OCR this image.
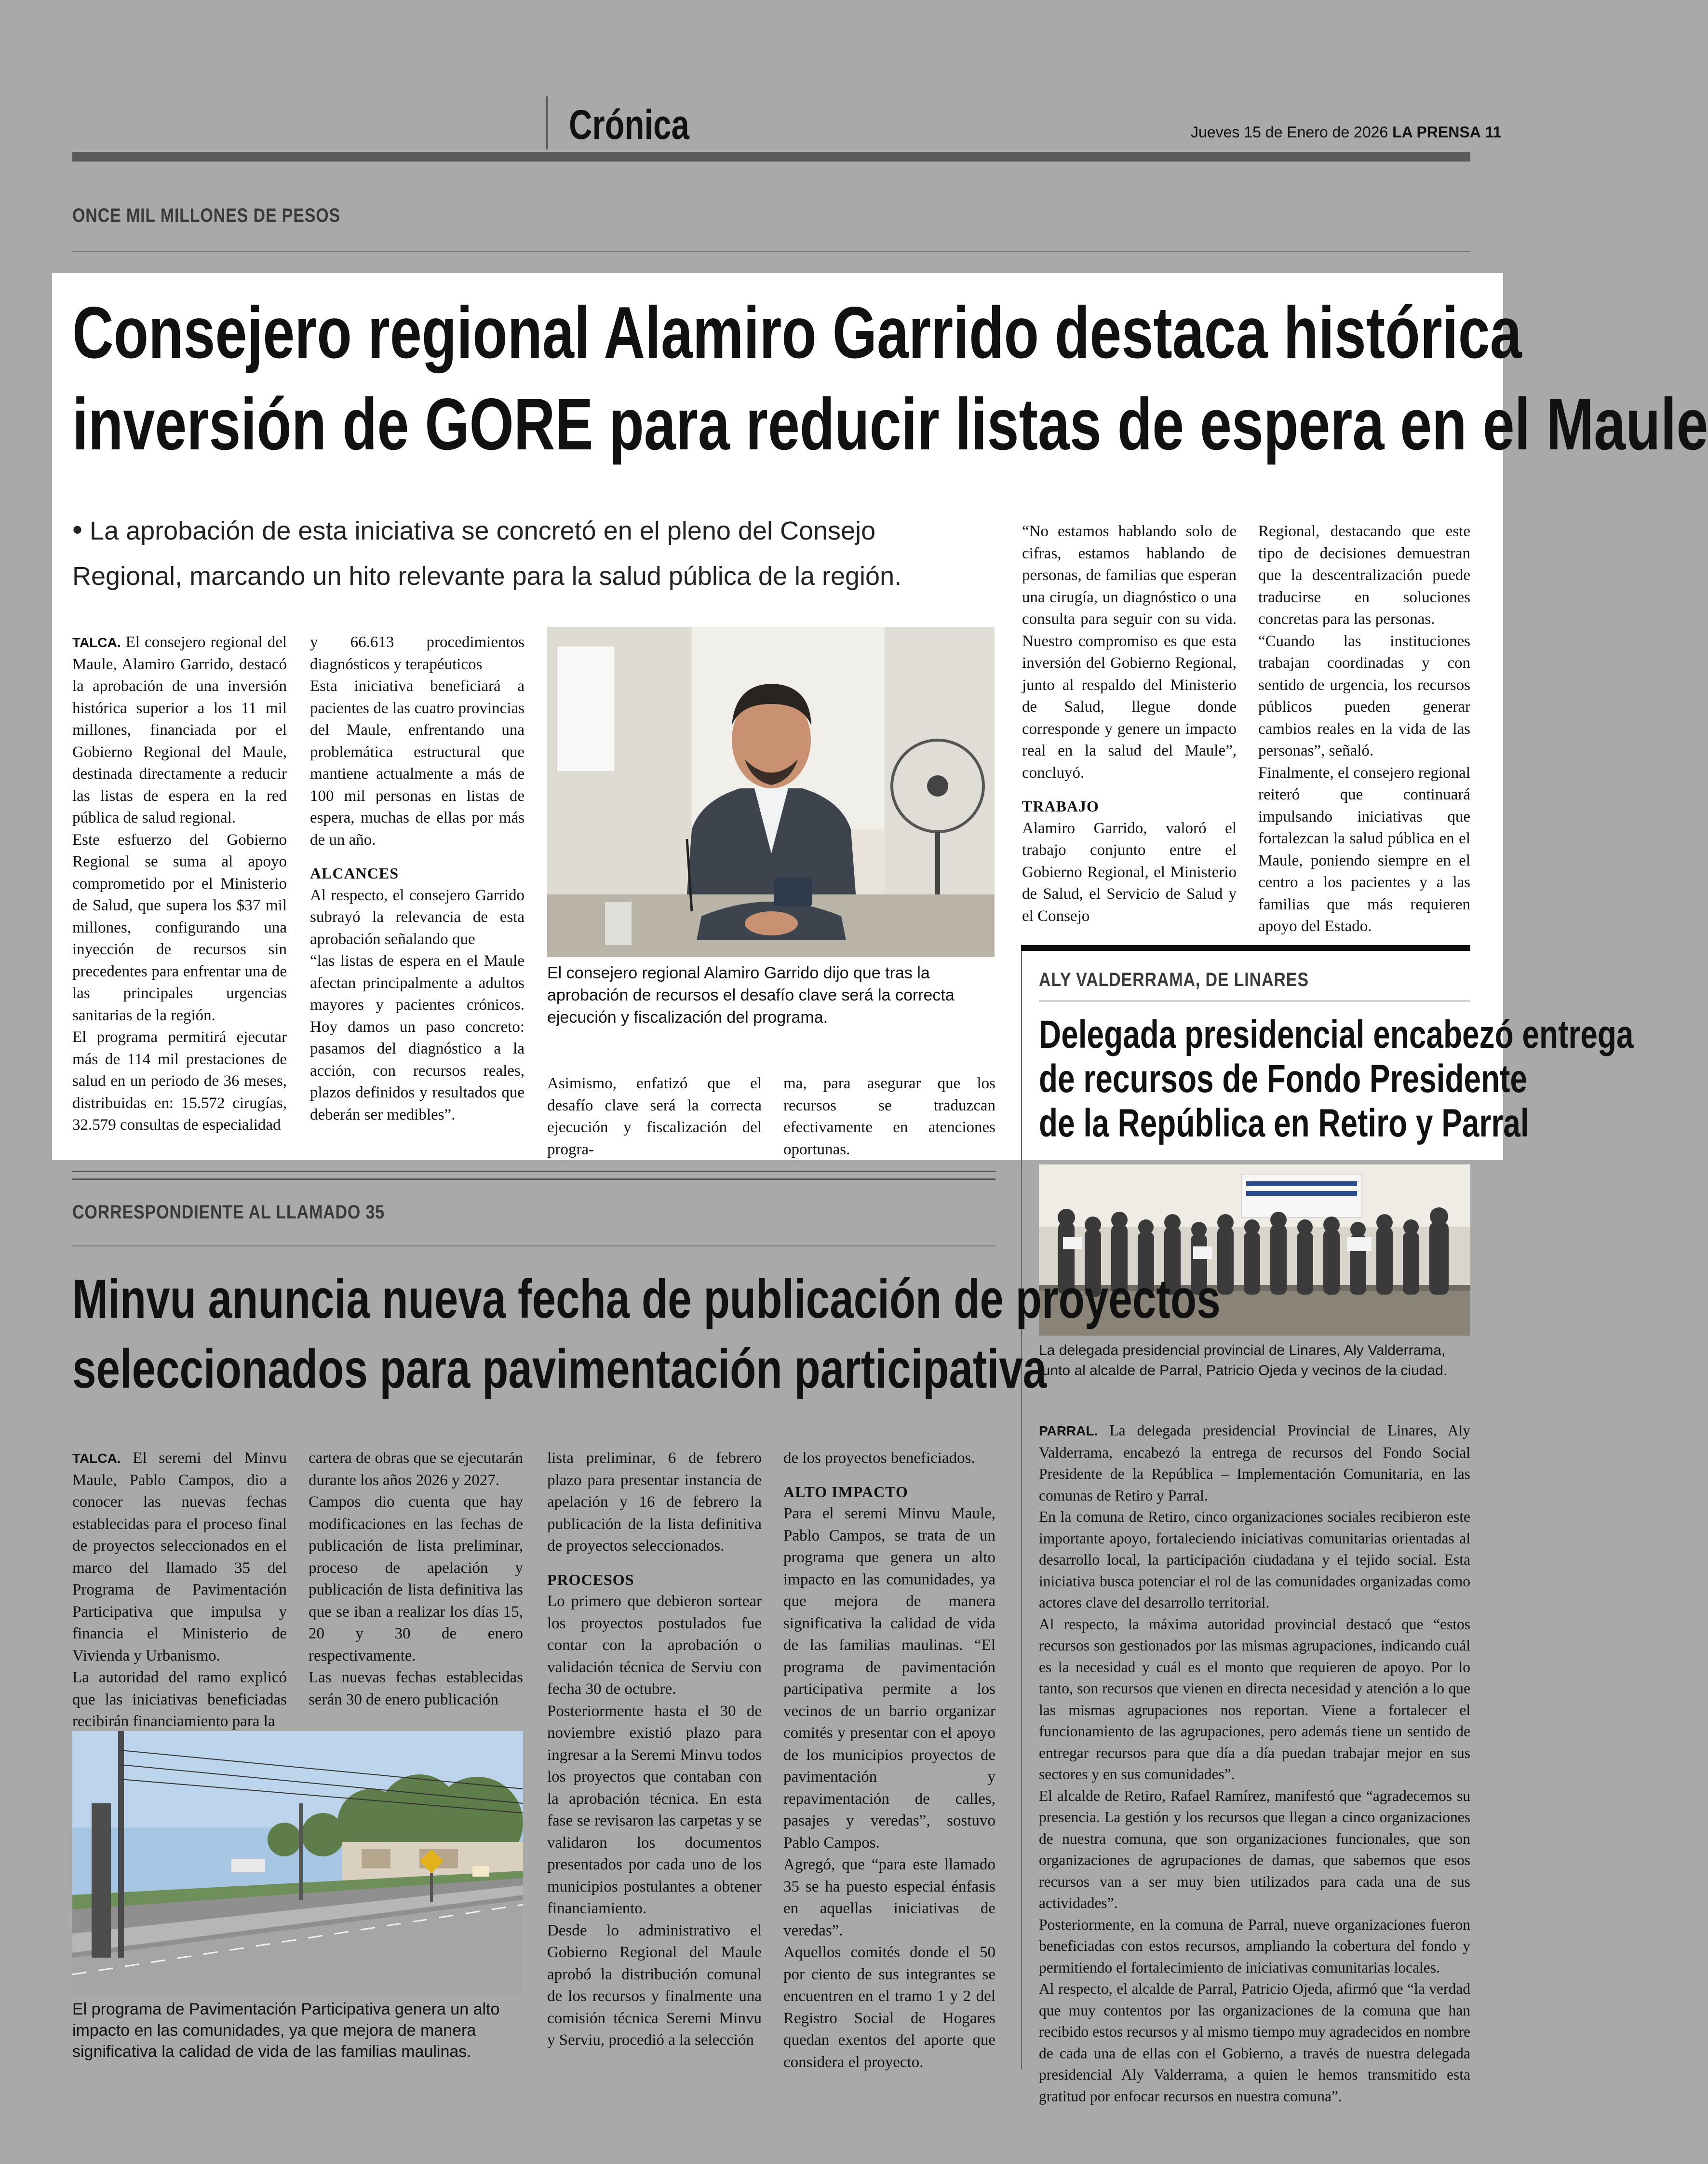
Crónica	Jueves 15 de Enero de 2026 LA PRENSA 11
ONCE MIL MILLONES DE PESOS
Consejero regional Alamiro Garrido destaca histórica
inversión de GORE para reducir listas de espera en el Maule
• La aprobación de esta iniciativa se concretó en el pleno del Consejo
Regional, marcando un hito relevante para la salud pública de la región.

TALCA. El consejero regional del Maule, Alamiro Garrido, destacó la aprobación de una inversión histórica superior a los 11 mil millones, financiada por el Gobierno Regional del Maule, destinada directamente a reducir las listas de espera en la red pública de salud regional.

Este esfuerzo del Gobierno Regional se suma al apoyo comprometido por el Ministerio de Salud, que supera los $37 mil millones, configurando una inyección de recursos sin precedentes para enfrentar una de las principales urgencias sanitarias de la región.

El programa permitirá ejecutar más de 114 mil prestaciones de salud en un periodo de 36 meses, distribuidas en: 15.572 cirugías, 32.579 consultas de especialidad

y 66.613 procedimientos diagnósticos y terapéuticos

Esta iniciativa beneficiará a pacientes de las cuatro provincias del Maule, enfrentando una problemática estructural que mantiene actualmente a más de 100 mil personas en listas de espera, muchas de ellas por más de un año.

ALCANCES

Al respecto, el consejero Garrido subrayó la relevancia de esta aprobación señalando que

“las listas de espera en el Maule afectan principalmente a adultos mayores y pacientes crónicos. Hoy damos un paso concreto: pasamos del diagnóstico a la acción, con recursos reales, plazos definidos y resultados que deberán ser medibles”.

El consejero regional Alamiro Garrido dijo que tras la aprobación de recursos el desafío clave será la correcta ejecución y fiscalización del programa.
Asimismo, enfatizó que el desafío clave será la correcta ejecución y fiscalización del progra-
ma, para asegurar que los recursos se traduzcan efectivamente en atenciones oportunas.

“No estamos hablando solo de cifras, estamos hablando de personas, de familias que esperan una cirugía, un diagnóstico o una consulta para seguir con su vida. Nuestro compromiso es que esta inversión del Gobierno Regional, junto al respaldo del Ministerio de Salud, llegue donde corresponde y genere un impacto real en la salud del Maule”, concluyó.

TRABAJO

Alamiro Garrido, valoró el trabajo conjunto entre el Gobierno Regional, el Ministerio de Salud, el Servicio de Salud y el Consejo

Regional, destacando que este tipo de decisiones demuestran que la descentralización puede traducirse en soluciones concretas para las personas.

“Cuando las instituciones trabajan coordinadas y con sentido de urgencia, los recursos públicos pueden generar cambios reales en la vida de las personas”, señaló.

Finalmente, el consejero regional reiteró que continuará impulsando iniciativas que fortalezcan la salud pública en el Maule, poniendo siempre en el centro a los pacientes y a las familias que más requieren apoyo del Estado.

ALY VALDERRAMA, DE LINARES
Delegada presidencial encabezó entrega
de recursos de Fondo Presidente
de la República en Retiro y Parral
La delegada presidencial provincial de Linares, Aly Valderrama, junto al alcalde de Parral, Patricio Ojeda y vecinos de la ciudad.

PARRAL. La delegada presidencial Provincial de Linares, Aly Valderrama, encabezó la entrega de recursos del Fondo Social Presidente de la República – Implementación Comunitaria, en las comunas de Retiro y Parral.

En la comuna de Retiro, cinco organizaciones sociales recibieron este importante apoyo, fortaleciendo iniciativas comunitarias orientadas al desarrollo local, la participación ciudadana y el tejido social. Esta iniciativa busca potenciar el rol de las comunidades organizadas como actores clave del desarrollo territorial.

Al respecto, la máxima autoridad provincial destacó que “estos recursos son gestionados por las mismas agrupaciones, indicando cuál es la necesidad y cuál es el monto que requieren de apoyo. Por lo tanto, son recursos que vienen en directa necesidad y atención a lo que las mismas agrupaciones nos reportan. Viene a fortalecer el funcionamiento de las agrupaciones, pero además tiene un sentido de entregar recursos para que día a día puedan trabajar mejor en sus sectores y en sus comunidades”.

El alcalde de Retiro, Rafael Ramírez, manifestó que “agradecemos su presencia. La gestión y los recursos que llegan a cinco organizaciones de nuestra comuna, que son organizaciones funcionales, que son organizaciones de agrupaciones de damas, que sabemos que esos recursos van a ser muy bien utilizados para cada una de sus actividades”.

Posteriormente, en la comuna de Parral, nueve organizaciones fueron beneficiadas con estos recursos, ampliando la cobertura del fondo y permitiendo el fortalecimiento de iniciativas comunitarias locales.

Al respecto, el alcalde de Parral, Patricio Ojeda, afirmó que “la verdad que muy contentos por las organizaciones de la comuna que han recibido estos recursos y al mismo tiempo muy agradecidos en nombre de cada una de ellas con el Gobierno, a través de nuestra delegada presidencial Aly Valderrama, a quien le hemos transmitido esta gratitud por enfocar recursos en nuestra comuna”.

CORRESPONDIENTE AL LLAMADO 35
Minvu anuncia nueva fecha de publicación de proyectos
seleccionados para pavimentación participativa

TALCA. El seremi del Minvu Maule, Pablo Campos, dio a conocer las nuevas fechas establecidas para el proceso final de proyectos seleccionados en el marco del llamado 35 del Programa de Pavimentación Participativa que impulsa y financia el Ministerio de Vivienda y Urbanismo.

La autoridad del ramo explicó que las iniciativas beneficiadas recibirán financiamiento para la

cartera de obras que se ejecutarán durante los años 2026 y 2027.

Campos dio cuenta que hay modificaciones en las fechas de publicación de lista preliminar, proceso de apelación y publicación de lista definitiva las que se iban a realizar los días 15, 20 y 30 de enero respectivamente.

Las nuevas fechas establecidas serán 30 de enero publicación

El programa de Pavimentación Participativa genera un alto impacto en las comunidades, ya que mejora de manera significativa la calidad de vida de las familias maulinas.

lista preliminar, 6 de febrero plazo para presentar instancia de apelación y 16 de febrero la publicación de la lista definitiva de proyectos seleccionados.

PROCESOS

Lo primero que debieron sortear los proyectos postulados fue contar con la aprobación o validación técnica de Serviu con fecha 30 de octubre.

Posteriormente hasta el 30 de noviembre existió plazo para ingresar a la Seremi Minvu todos los proyectos que contaban con la aprobación técnica. En esta fase se revisaron las carpetas y se validaron los documentos presentados por cada uno de los municipios postulantes a obtener financiamiento.

Desde lo administrativo el Gobierno Regional del Maule aprobó la distribución comunal de los recursos y finalmente una comisión técnica Seremi Minvu y Serviu, procedió a la selección

de los proyectos beneficiados.

ALTO IMPACTO

Para el seremi Minvu Maule, Pablo Campos, se trata de un programa que genera un alto impacto en las comunidades, ya que mejora de manera significativa la calidad de vida de las familias maulinas. “El programa de pavimentación participativa permite a los vecinos de un barrio organizar comités y presentar con el apoyo de los municipios proyectos de pavimentación y repavimentación de calles, pasajes y veredas”, sostuvo Pablo Campos.

Agregó, que “para este llamado 35 se ha puesto especial énfasis en aquellas iniciativas de veredas”.

Aquellos comités donde el 50 por ciento de sus integrantes se encuentren en el tramo 1 y 2 del Registro Social de Hogares quedan exentos del aporte que considera el proyecto.
